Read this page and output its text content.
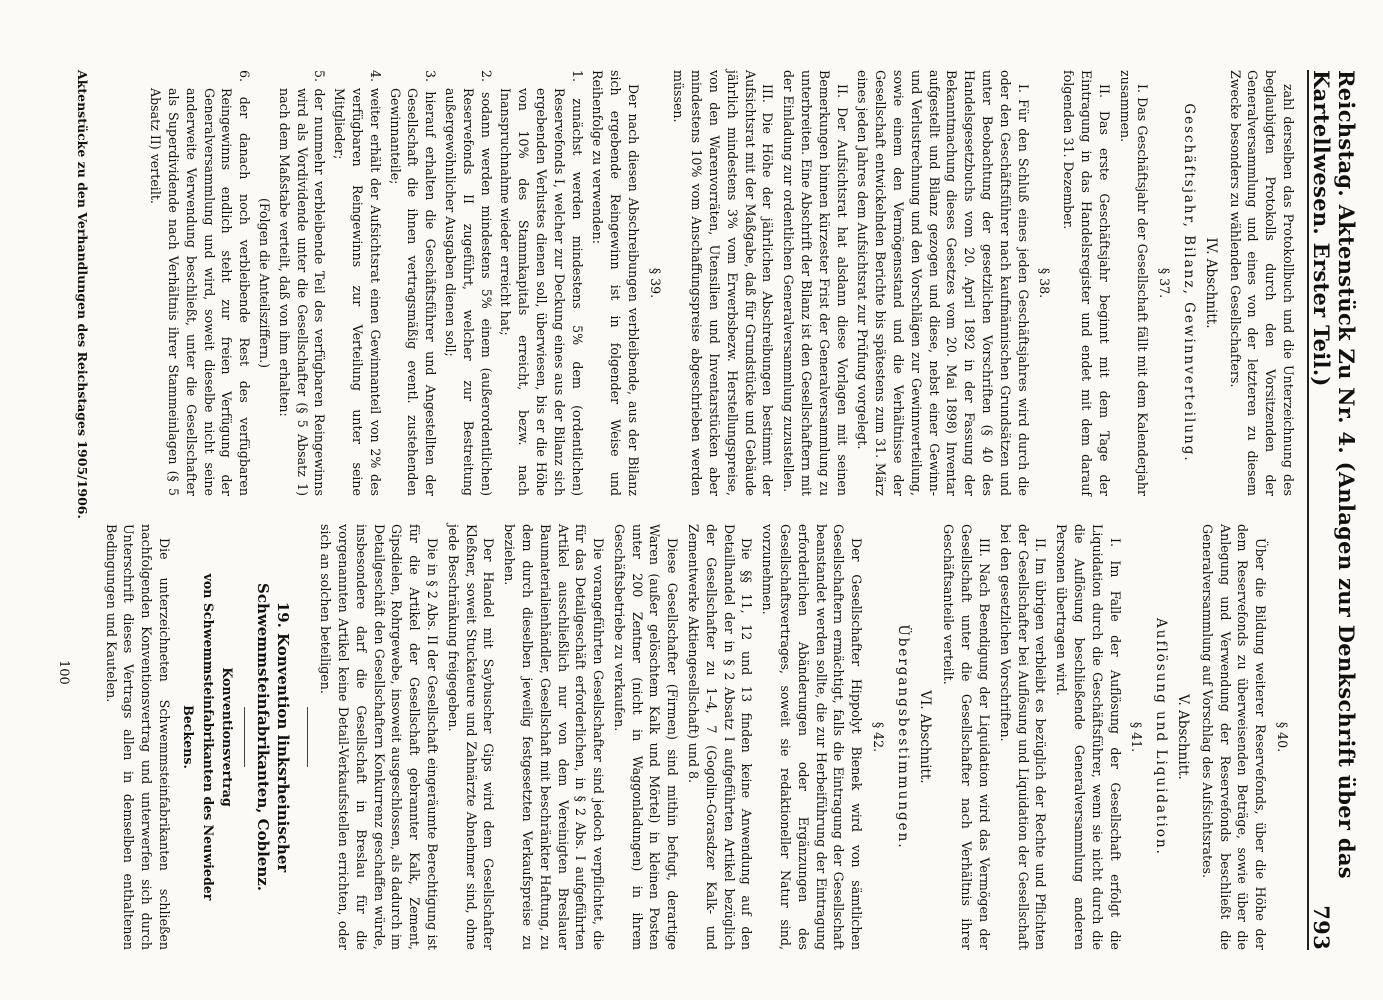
Reichstag. Aktenstück Zu Nr. 4. (Anlagen zur Denkschrift über das Kartellwesen. Erster Teil.)
793

zahl derselben das Protokollbuch und die Unterzeichnung des beglaubigten Protokolls durch den Vorsitzenden der Generalversammlung und eines von der letzteren zu diesem Zwecke besonders zu wählenden Gesellschafters.

IV. Abschnitt.
Geschäftsjahr, Bilanz, Gewinnverteilung.
§ 37.

I. Das Geschäftsjahr der Gesellschaft fällt mit dem Kalenderjahr zusammen.

II. Das erste Geschäftsjahr beginnt mit dem Tage der Eintragung in das Handelsregister und endet mit dem darauf folgenden 31. Dezember.

§ 38.

I. Für den Schluß eines jeden Geschäftsjahres wird durch die oder den Geschäftsführer nach kaufmännischen Grundsätzen und unter Beobachtung der gesetzlichen Vorschriften (§ 40 des Handelsgesetzbuchs vom 20. April 1892 in der Fassung der Bekanntmachung dieses Gesetzes vom 20. Mai 1898) Inventar aufgestellt und Bilanz gezogen und diese, nebst einer Gewinn- und Verlustrechnung und den Vorschlägen zur Gewinnverteilung, sowie einem den Vermögensstand und die Verhältnisse der Gesellschaft entwickelnden Berichte bis spätestens zum 31. März eines jeden Jahres dem Aufsichtsrat zur Prüfung vorgelegt.

II. Der Aufsichtsrat hat alsdann diese Vorlagen mit seinen Bemerkungen binnen kürzester Frist der Generalversammlung zu unterbreiten. Eine Abschrift der Bilanz ist den Gesellschaftern mit der Einladung zur ordentlichen Generalversammlung zuzustellen.

III. Die Höhe der jährlichen Abschreibungen bestimmt der Aufsichtsrat mit der Maßgabe, daß für Grundstücke und Gebäude jährlich mindestens 3% vom Erwerbsbezw. Herstellungspreise, von den Warenvorräten, Utensilien und Inventarstücken aber mindestens 10% vom Anschaffungspreise abgeschrieben werden müssen.

§ 39.

Der nach diesen Abschreibungen verbleibende, aus der Bilanz sich ergebende Reingewinn ist in folgender Weise und Reihenfolge zu verwenden:

1. zunächst werden mindestens 5% dem (ordentlichen) Reservefonds I, welcher zur Deckung eines aus der Bilanz sich ergebenden Verlustes dienen soll, überwiesen, bis er die Höhe von 10% des Stammkapitals erreicht, bezw. nach Inanspruchnahme wieder erreicht hat;
2. sodann werden mindestens 5% einem (außerordentlichen) Reservefonds II zugeführt, welcher zur Bestreitung außergewöhnlicher Ausgaben dienen soll;
3. hierauf erhalten die Geschäftsführer und Angestellten der Gesellschaft die ihnen vertragsmäßig eventl. zustehenden Gewinnanteile;
4. weiter erhält der Aufsichtsrat einen Gewinnanteil von 2% des verfügbaren Reingewinns zur Verteilung unter seine Mitglieder;
5. der nunmehr verbleibende Teil des verfügbaren Reingewinns wird als Vordividende unter die Gesellschafter (§ 5 Absatz 1) nach dem Maßstabe verteilt, daß von ihm erhalten:
(Folgen die Anteilsziffern.)
6. der danach noch verbleibende Rest des verfügbaren Reingewinns endlich steht zur freien Verfügung der Generalversammlung und wird, soweit dieselbe nicht seine anderweite Verwendung beschließt, unter die Gesellschafter als Superdividende nach Verhältnis ihrer Stammeinlagen (§ 5 Absatz II) verteilt.
§ 40.

Über die Bildung weiterer Reservefonds, über die Höhe der dem Reservefonds zu überweisenden Beträge, sowie über die Anlegung und Verwendung der Reservefonds beschließt die Generalversammlung auf Vorschlag des Aufsichtsrates.

V. Abschnitt.
Auflösung und Liquidation.
§ 41.

I. Im Falle der Auflösung der Gesellschaft erfolgt die Liquidation durch die Geschäftsführer, wenn sie nicht durch die die Auflösung beschließende Generalversammlung anderen Personen übertragen wird.

II. Im übrigen verbleibt es bezüglich der Rechte und Pflichten der Gesellschafter bei Auflösung und Liquidation der Gesellschaft bei den gesetzlichen Vorschriften.

III. Nach Beendigung der Liquidation wird das Vermögen der Gesellschaft unter die Gesellschafter nach Verhältnis ihrer Geschäftsanteile verteilt.

VI. Abschnitt.
Übergangsbestimmungen.
§ 42.

Der Gesellschafter Hippolyt Bienek wird von sämtlichen Gesellschaftern ermächtigt, falls die Eintragung der Gesellschaft beanstandet werden sollte, die zur Herbeiführung der Eintragung erforderlichen Abänderungen oder Ergänzungen des Gesellschaftsvertrages, soweit sie redaktioneller Natur sind, vorzunehmen.

Die §§ 11, 12 und 13 finden keine Anwendung auf den Detailhandel der in § 2 Absatz I aufgeführten Artikel bezüglich der Gesellschafter zu 1–4, 7 (Gogolin-Gorasdzer Kalk- und Zementwerke Aktiengesellschaft) und 8.

Diese Gesellschafter (Firmen) sind mithin befugt, derartige Waren (außer gelöschtem Kalk und Mörtel) in kleinen Posten unter 200 Zentner (nicht in Waggonladungen) in ihrem Geschäftsbetriebe zu verkaufen.

Die vorangeführten Gesellschafter sind jedoch verpflichtet, die für das Detailgeschäft erforderlichen, in § 2 Abs. I aufgeführten Artikel ausschließlich nur von dem Vereinigten Breslauer Baumaterialienhändler, Gesellschaft mit beschränkter Haftung, zu dem durch dieselben jeweilig festgesetzten Verkaufspreise zu beziehen.

Der Handel mit Saybuscher Gips wird dem Gesellschafter Kleßner, soweit Stuckateure und Zahnärzte Abnehmer sind, ohne jede Beschränkung freigegeben.

Die in § 2 Abs. II der Gesellschaft eingeräumte Berechtigung ist für die Artikel der Gesellschaft gebrannter Kalk, Zement, Gipsdielen, Rohrgewebe, insoweit ausgeschlossen, als dadurch im Detailgeschäft den Gesellschaftern Konkurrenz geschaffen würde, insbesondere darf die Gesellschaft in Breslau für die vorgenannten Artikel keine Detail-Verkaufsstellen errichten, oder sich an solchen beteiligen.

19. Konvention linksrheinischer Schwemmsteinfabrikanten, Coblenz.
Konventionsvertrag
von Schwemmsteinfabrikanten des Neuwieder
Beckens.

Die unterzeichneten Schwemmsteinfabrikanten schließen nachfolgenden Konventionsvertrag und unterwerfen sich durch Unterschrift dieses Vertrags allen in demselben enthaltenen Bedingungen und Kautelen.

Aktenstücke zu den Verhandlungen des Reichstages 1905/1906.
100
